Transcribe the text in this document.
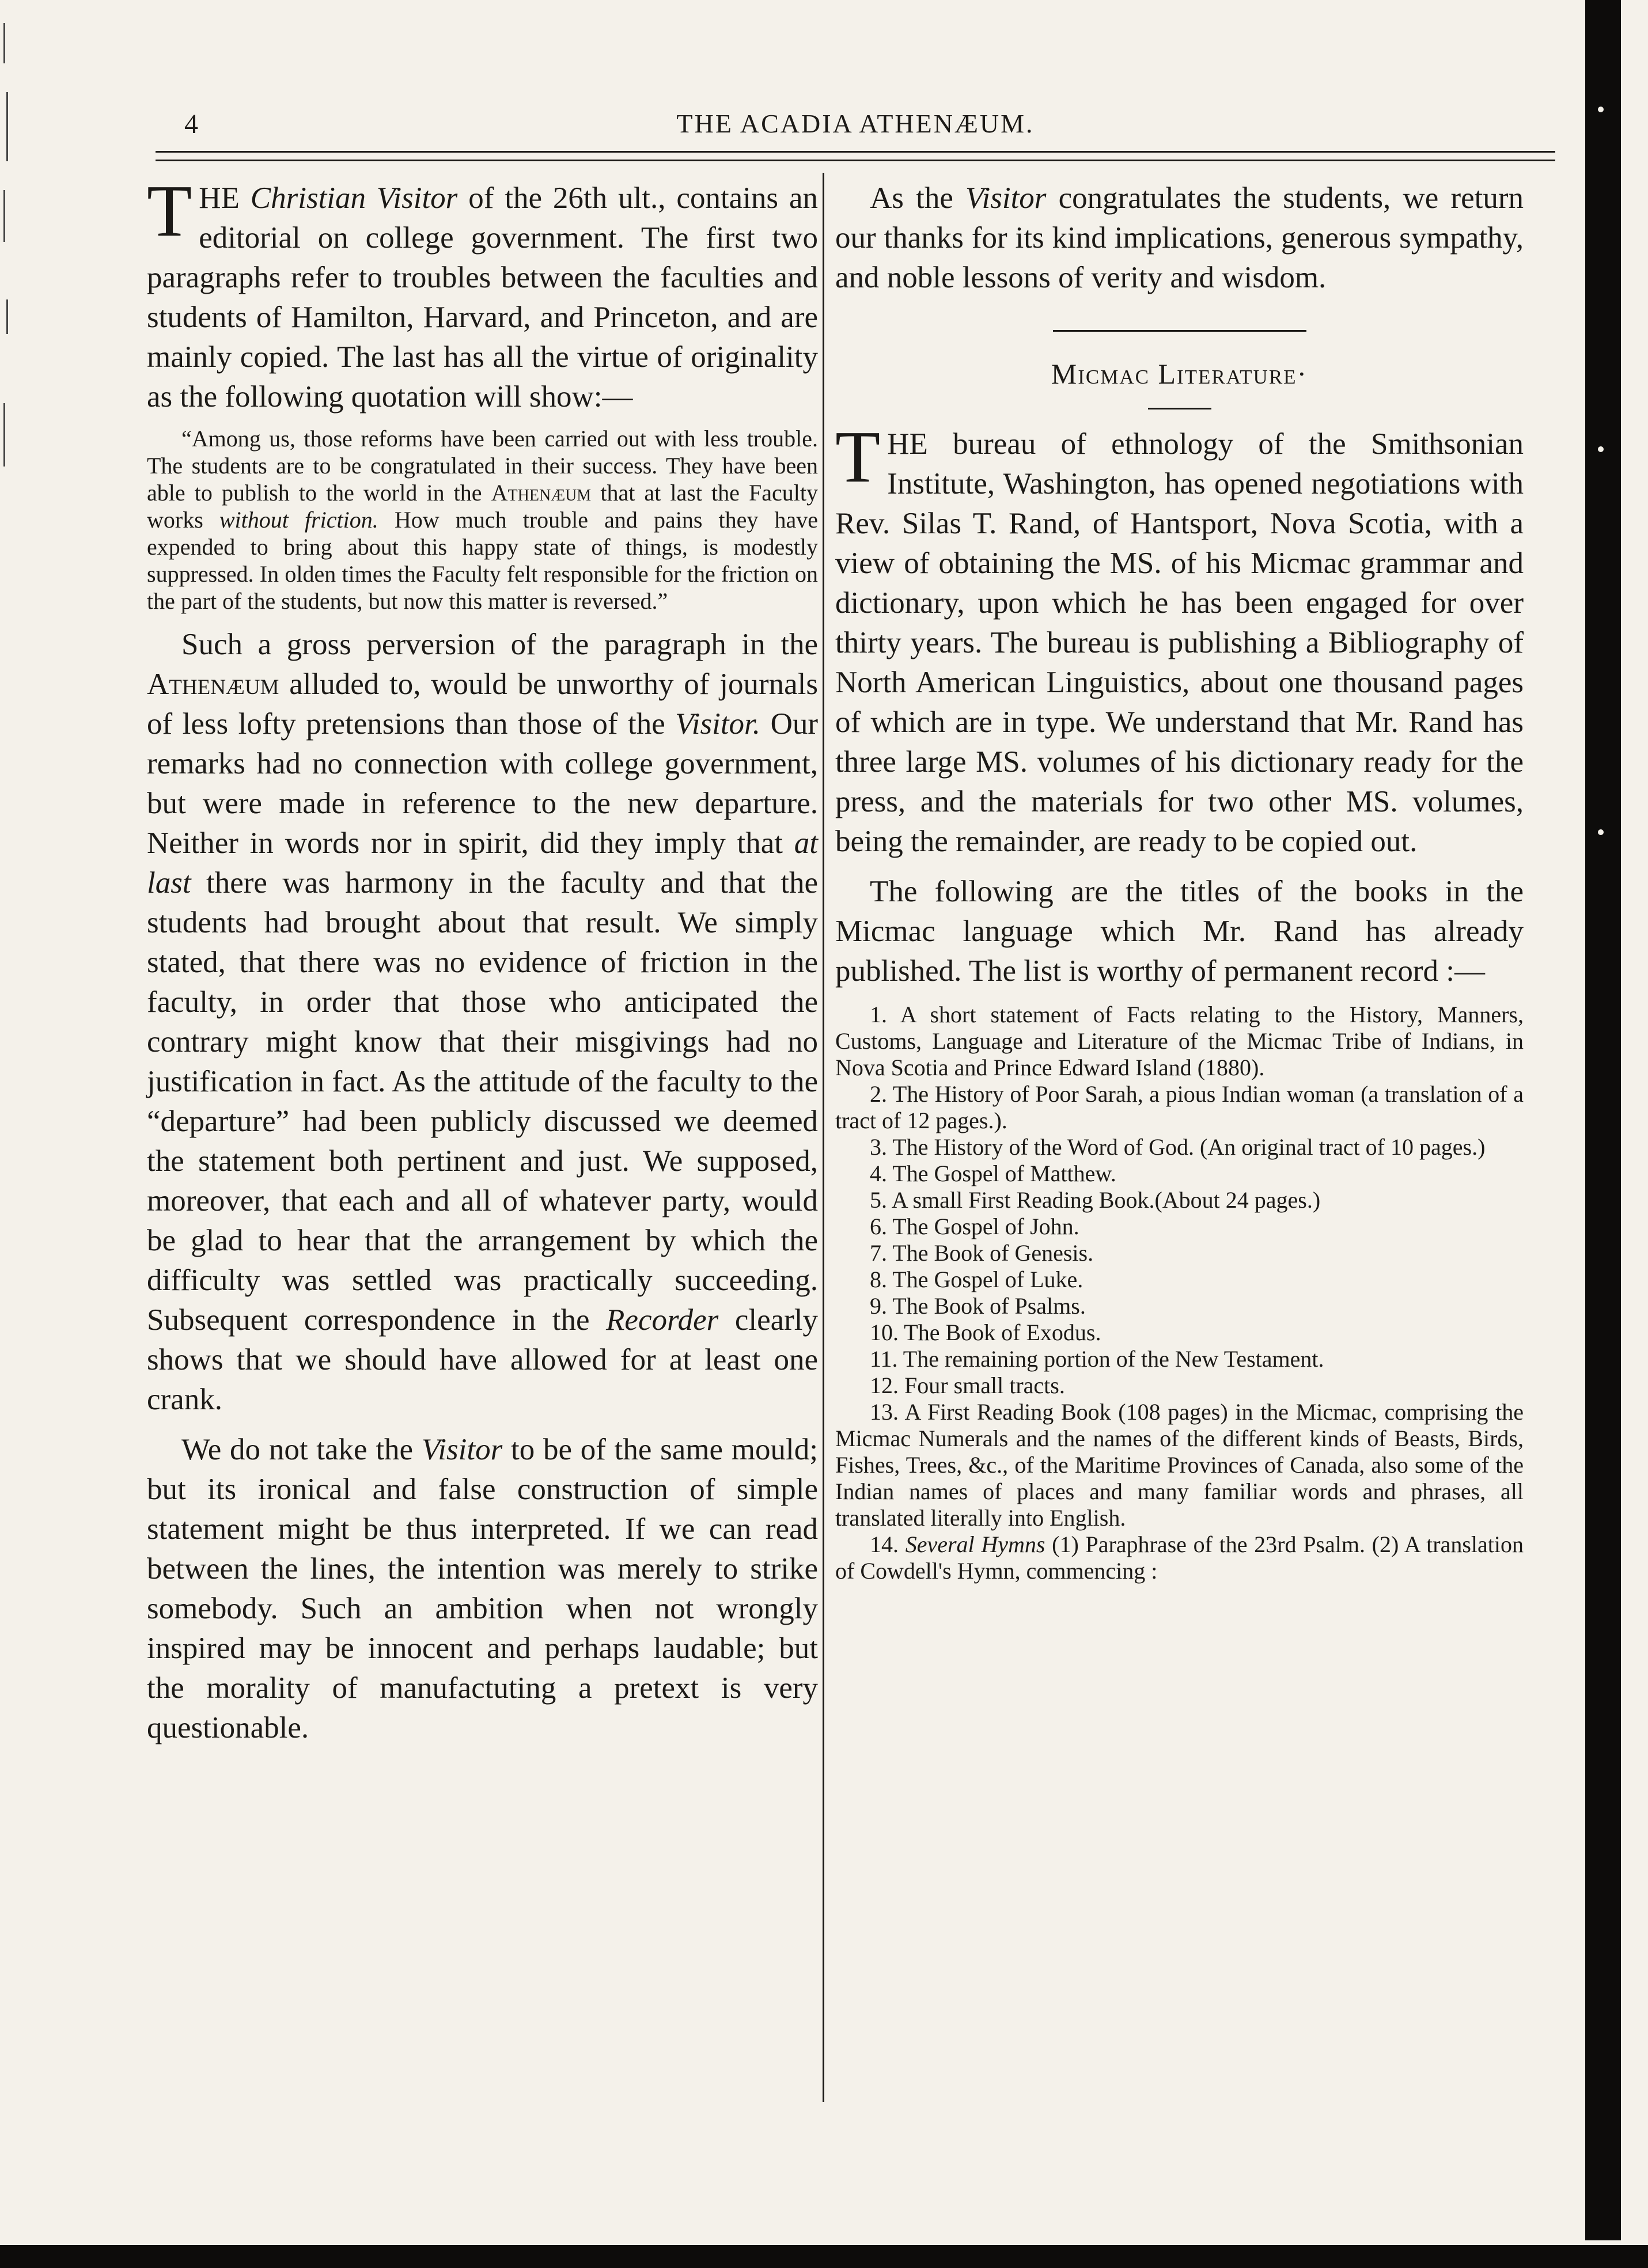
4	THE ACADIA ATHENÆUM.

THE Christian Visitor of the 26th ult., contains an editorial on college government. The first two paragraphs refer to troubles between the faculties and students of Hamilton, Harvard, and Princeton, and are mainly copied. The last has all the virtue of originality as the following quotation will show:—

“Among us, those reforms have been carried out with less trouble. The students are to be congratulated in their success. They have been able to publish to the world in the Athenæum that at last the Faculty works without friction. How much trouble and pains they have expended to bring about this happy state of things, is modestly suppressed. In olden times the Faculty felt responsible for the friction on the part of the students, but now this matter is reversed.”

Such a gross perversion of the paragraph in the Athenæum alluded to, would be unworthy of journals of less lofty pretensions than those of the Visitor. Our remarks had no connection with college government, but were made in reference to the new departure. Neither in words nor in spirit, did they imply that at last there was harmony in the faculty and that the students had brought about that result. We simply stated, that there was no evidence of friction in the faculty, in order that those who anticipated the contrary might know that their misgivings had no justification in fact. As the attitude of the faculty to the “departure” had been publicly discussed we deemed the statement both pertinent and just. We supposed, moreover, that each and all of whatever party, would be glad to hear that the arrangement by which the difficulty was settled was practically succeeding. Subsequent correspondence in the Recorder clearly shows that we should have allowed for at least one crank.

We do not take the Visitor to be of the same mould; but its ironical and false construction of simple statement might be thus interpreted. If we can read between the lines, the intention was merely to strike somebody. Such an ambition when not wrongly inspired may be innocent and perhaps laudable; but the morality of manufactuting a pretext is very questionable.

As the Visitor congratulates the students, we return our thanks for its kind implications, generous sympathy, and noble lessons of verity and wisdom.

Micmac Literature·

THE bureau of ethnology of the Smithsonian Institute, Washington, has opened negotiations with Rev. Silas T. Rand, of Hantsport, Nova Scotia, with a view of obtaining the MS. of his Micmac grammar and dictionary, upon which he has been engaged for over thirty years. The bureau is publishing a Bibliography of North American Linguistics, about one thousand pages of which are in type. We understand that Mr. Rand has three large MS. volumes of his dictionary ready for the press, and the materials for two other MS. volumes, being the remainder, are ready to be copied out.

The following are the titles of the books in the Micmac language which Mr. Rand has already published. The list is worthy of permanent record :—

1. A short statement of Facts relating to the History, Manners, Customs, Language and Literature of the Micmac Tribe of Indians, in Nova Scotia and Prince Edward Island (1880).

2. The History of Poor Sarah, a pious Indian woman (a translation of a tract of 12 pages.).

3. The History of the Word of God. (An original tract of 10 pages.)

4. The Gospel of Matthew.

5. A small First Reading Book.(About 24 pages.)

6. The Gospel of John.

7. The Book of Genesis.

8. The Gospel of Luke.

9. The Book of Psalms.

10. The Book of Exodus.

11. The remaining portion of the New Testament.

12. Four small tracts.

13. A First Reading Book (108 pages) in the Micmac, comprising the Micmac Numerals and the names of the different kinds of Beasts, Birds, Fishes, Trees, &c., of the Maritime Provinces of Canada, also some of the Indian names of places and many familiar words and phrases, all translated literally into English.

14. Several Hymns (1) Paraphrase of the 23rd Psalm. (2) A translation of Cowdell's Hymn, commencing :
